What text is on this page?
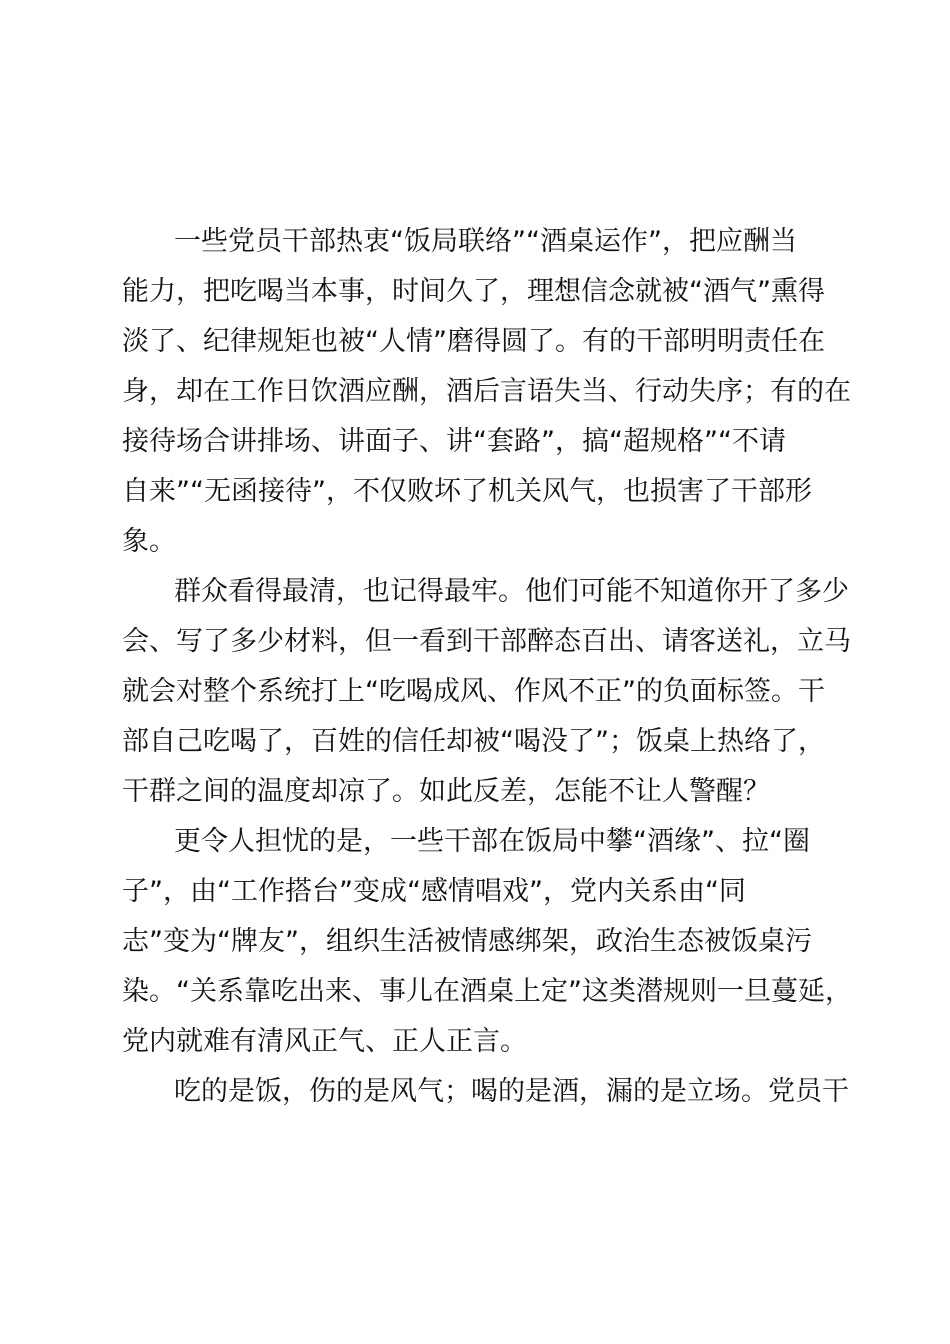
一些党员干部热衷“饭局联络”“酒桌运作”，把应酬当
能力，把吃喝当本事，时间久了，理想信念就被“酒气”熏得
淡了、纪律规矩也被“人情”磨得圆了。有的干部明明责任在
身，却在工作日饮酒应酬，酒后言语失当、行动失序；有的在
接待场合讲排场、讲面子、讲“套路”，搞“超规格”“不请
自来”“无函接待”，不仅败坏了机关风气，也损害了干部形
象。
群众看得最清，也记得最牢。他们可能不知道你开了多少
会、写了多少材料，但一看到干部醉态百出、请客送礼，立马
就会对整个系统打上“吃喝成风、作风不正”的负面标签。干
部自己吃喝了，百姓的信任却被“喝没了”；饭桌上热络了，
干群之间的温度却凉了。如此反差，怎能不让人警醒？
更令人担忧的是，一些干部在饭局中攀“酒缘”、拉“圈
子”，由“工作搭台”变成“感情唱戏”，党内关系由“同
志”变为“牌友”，组织生活被情感绑架，政治生态被饭桌污
染。“关系靠吃出来、事儿在酒桌上定”这类潜规则一旦蔓延，
党内就难有清风正气、正人正言。
吃的是饭，伤的是风气；喝的是酒，漏的是立场。党员干
